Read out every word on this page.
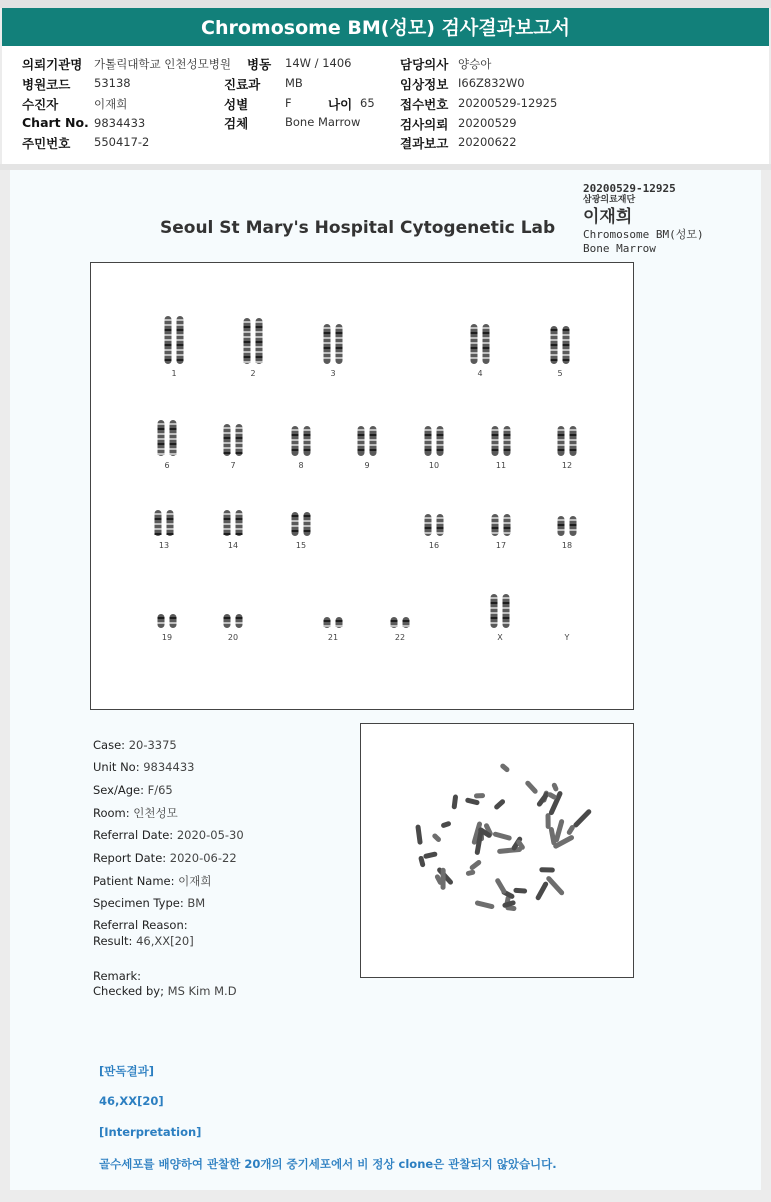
Chromosome BM(성모) 검사결과보고서
의뢰기관명 가톨릭대학교 인천성모병원 병동 14W / 1406	담당의사 양승아
병원코드 53138	진료과 MB	임상정보 I66Z832W0
수진자	이재희	성별	F	나이 65 접수번호 20200529-12925
Chart No. 9834433	검체	Bone Marrow	검사의뢰 20200529
주민번호 550417-2	결과보고 20200622
20200529-12925
삼광의료재단
이재희
Chromosome BM(성모)
Bone Marrow
Seoul St Mary's Hospital Cytogenetic Lab
1	2	3	4	5
6	7	8	9	10	11	12
13	14	15	16	17	18
19	20	21	22	X	Y
Case: 20-3375
Unit No: 9834433
Sex/Age: F/65
Room: 인천성모
Referral Date: 2020-05-30
Report Date: 2020-06-22
Patient Name: 이재희
Specimen Type: BM
Referral Reason:
Result: 46,XX[20]
Remark:
Checked by; MS Kim M.D
[판독결과]
46,XX[20]
[Interpretation]
골수세포를 배양하여 관찰한 20개의 중기세포에서 비 정상 clone은 관찰되지 않았습니다.
